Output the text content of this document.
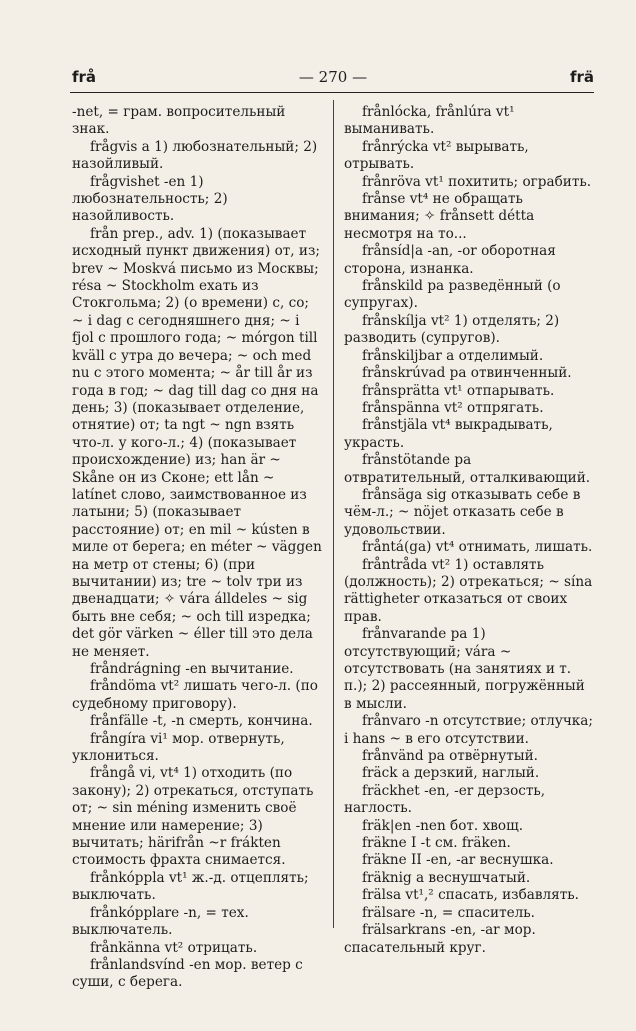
frå	— 270 —	frä

-net, = грам. вопросительный знак.

frågvis a 1) любознательный; 2) назойливый.

frågvishet -en 1) любознательность; 2) назойливость.

från prep., adv. 1) (показывает исходный пункт движения) от, из; brev ~ Moskvá письмо из Москвы; résa ~ Stockholm ехать из Стокгольма; 2) (о времени) с, со; ~ i dag с сегодняшнего дня; ~ i fjol с прошлого года; ~ mórgon till kväll с утра до вечера; ~ och med nu с этого момента; ~ år till år из года в год; ~ dag till dag со дня на день; 3) (показывает отделение, отнятие) от; ta ngt ~ ngn взять что-л. у кого-л.; 4) (показывает происхождение) из; han är ~ Skåne он из Сконе; ett lån ~ latínet слово, заимствованное из латыни; 5) (показывает расстояние) от; en mil ~ kústen в миле от берега; en méter ~ väggen на метр от стены; 6) (при вычитании) из; tre ~ tolv три из двенадцати; ✧ vára álldeles ~ sig быть вне себя; ~ och till изредка; det gör värken ~ éller till это дела не меняет.

fråndrágning -en вычитание.

fråndöma vt² лишать чего-л. (по судебному приговору).

frånfälle -t, -n смерть, кончина.

frångíra vi¹ мор. отвернуть, уклониться.

frångå vi, vt⁴ 1) отходить (по закону); 2) отрекаться, отступать от; ~ sin méning изменить своё мнение или намерение; 3) вычитать; härifrån ~r frákten стоимость фрахта снимается.

frånkóppla vt¹ ж.-д. отцеплять; выключать.

frånkópplare -n, = тех. выключатель.

frånkänna vt² отрицать.

frånlandsvínd -en мор. ветер с суши, с берега.

frånlócka, frånlúra vt¹ выманивать.

frånrýcka vt² вырывать, отрывать.

frånröva vt¹ похитить; ограбить.

frånse vt⁴ не обращать внимания; ✧ frånsett détta несмотря на то...

frånsíd|a -an, -or оборотная сторона, изнанка.

frånskild pa разведённый (о супругах).

frånskílja vt² 1) отделять; 2) разводить (супругов).

frånskiljbar a отделимый.

frånskrúvad pa отвинченный.

frånsprätta vt¹ отпарывать.

frånspänna vt² отпрягать.

frånstjäla vt⁴ выкрадывать, украсть.

frånstötande pa отвратительный, отталкивающий.

frånsäga sig отказывать себе в чём-л.; ~ nöjet отказать себе в удовольствии.

fråntá(ga) vt⁴ отнимать, лишать.

fråntråda vt² 1) оставлять (должность); 2) отрекаться; ~ sína rättigheter отказаться от своих прав.

frånvarande pa 1) отсутствующий; vára ~ отсутствовать (на занятиях и т. п.); 2) рассеянный, погружённый в мысли.

frånvaro -n отсутствие; отлучка; i hans ~ в его отсутствии.

frånvänd pa отвёрнутый.

fräck a дерзкий, наглый.

fräckhet -en, -er дерзость, наглость.

fräk|en -nen бот. хвощ.

fräkne I -t см. fräken.

fräkne II -en, -ar веснушка.

fräknig a веснушчатый.

frälsa vt¹,² спасать, избавлять.

frälsare -n, = спаситель.

frälsarkrans -en, -ar мор. спасательный круг.
